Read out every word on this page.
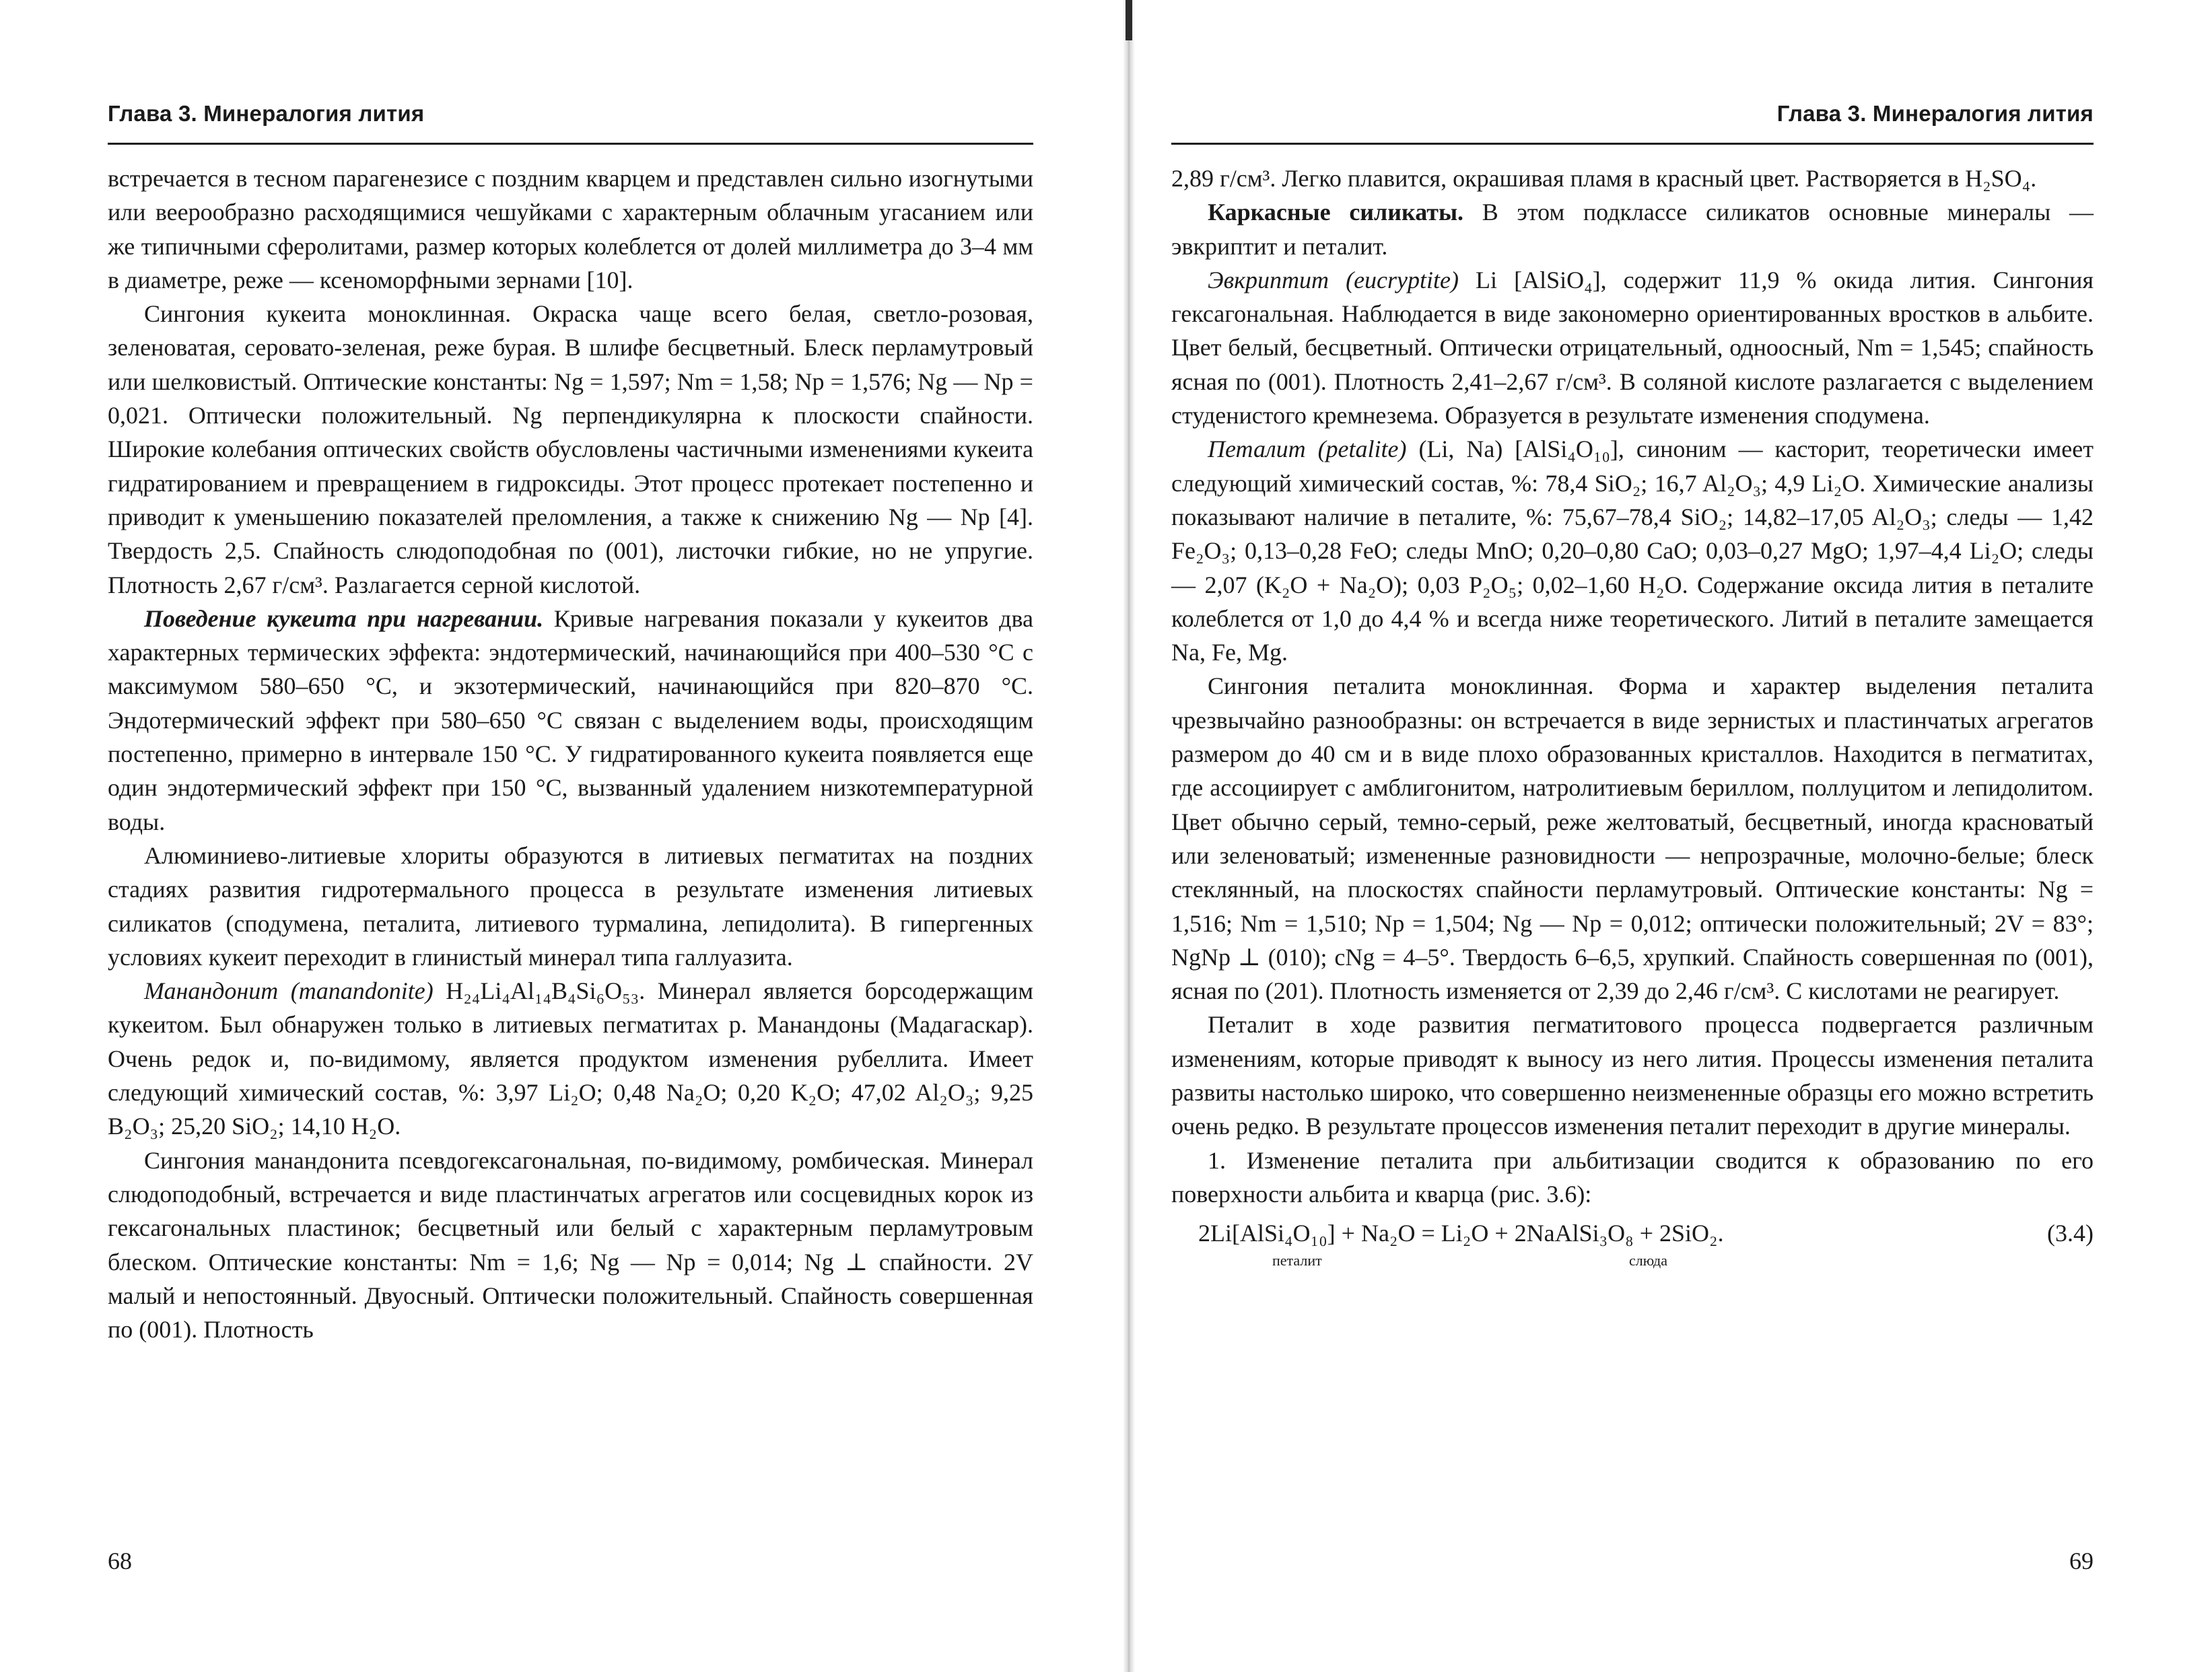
Глава 3. Минералогия лития

встречается в тесном парагенезисе с поздним кварцем и представлен сильно изогнутыми или веерообразно расходящимися чешуйками с характерным облачным угасанием или же типичными сферолитами, размер которых колеблется от долей миллиметра до 3–4 мм в диаметре, реже — ксеноморфными зернами [10].

Сингония кукеита моноклинная. Окраска чаще всего белая, светло-розовая, зеленоватая, серовато-зеленая, реже бурая. В шлифе бесцветный. Блеск перламутровый или шелковистый. Оптические константы: Ng = 1,597; Nm = 1,58; Np = 1,576; Ng — Np = 0,021. Оптически положительный. Ng перпендикулярна к плоскости спайности. Широкие колебания оптических свойств обусловлены частичными изменениями кукеита гидратированием и превращением в гидроксиды. Этот процесс протекает постепенно и приводит к уменьшению показателей преломления, а также к снижению Ng — Np [4]. Твердость 2,5. Спайность слюдоподобная по (001), листочки гибкие, но не упругие. Плотность 2,67 г/см³. Разлагается серной кислотой.

Поведение кукеита при нагревании. Кривые нагревания показали у кукеитов два характерных термических эффекта: эндотермический, начинающийся при 400–530 °С с максимумом 580–650 °С, и экзотермический, начинающийся при 820–870 °С. Эндотермический эффект при 580–650 °С связан с выделением воды, происходящим постепенно, примерно в интервале 150 °С. У гидратированного кукеита появляется еще один эндотермический эффект при 150 °С, вызванный удалением низкотемпературной воды.

Алюминиево-литиевые хлориты образуются в литиевых пегматитах на поздних стадиях развития гидротермального процесса в результате изменения литиевых силикатов (сподумена, петалита, литиевого турмалина, лепидолита). В гипергенных условиях кукеит переходит в глинистый минерал типа галлуазита.

Манандонит (manandonite) H₂₄Li₄Al₁₄B₄Si₆O₅₃. Минерал является борсодержащим кукеитом. Был обнаружен только в литиевых пегматитах р. Манандоны (Мадагаскар). Очень редок и, по-видимому, является продуктом изменения рубеллита. Имеет следующий химический состав, %: 3,97 Li₂O; 0,48 Na₂O; 0,20 K₂O; 47,02 Al₂O₃; 9,25 B₂O₃; 25,20 SiO₂; 14,10 H₂O.

Сингония манандонита псевдогексагональная, по-видимому, ромбическая. Минерал слюдоподобный, встречается и виде пластинчатых агрегатов или сосцевидных корок из гексагональных пластинок; бесцветный или белый с характерным перламутровым блеском. Оптические константы: Nm = 1,6; Ng — Np = 0,014; Ng ⊥ спайности. 2V малый и непостоянный. Двуосный. Оптически положительный. Спайность совершенная по (001). Плотность

68
Глава 3. Минералогия лития

2,89 г/см³. Легко плавится, окрашивая пламя в красный цвет. Растворяется в H₂SO₄.

Каркасные силикаты. В этом подклассе силикатов основные минералы — эвкриптит и петалит.

Эвкриптит (eucryptite) Li [AlSiO₄], содержит 11,9 % окида лития. Сингония гексагональная. Наблюдается в виде закономерно ориентированных вростков в альбите. Цвет белый, бесцветный. Оптически отрицательный, одноосный, Nm = 1,545; спайность ясная по (001). Плотность 2,41–2,67 г/см³. В соляной кислоте разлагается с выделением студенистого кремнезема. Образуется в результате изменения сподумена.

Петалит (petalite) (Li, Na) [AlSi₄O₁₀], синоним — касторит, теоретически имеет следующий химический состав, %: 78,4 SiO₂; 16,7 Al₂O₃; 4,9 Li₂O. Химические анализы показывают наличие в петалите, %: 75,67–78,4 SiO₂; 14,82–17,05 Al₂O₃; следы — 1,42 Fe₂O₃; 0,13–0,28 FeO; следы MnO; 0,20–0,80 CaO; 0,03–0,27 MgO; 1,97–4,4 Li₂O; следы — 2,07 (K₂O + Na₂O); 0,03 P₂O₅; 0,02–1,60 H₂O. Содержание оксида лития в петалите колеблется от 1,0 до 4,4 % и всегда ниже теоретического. Литий в петалите замещается Na, Fe, Mg.

Сингония петалита моноклинная. Форма и характер выделения петалита чрезвычайно разнообразны: он встречается в виде зернистых и пластинчатых агрегатов размером до 40 см и в виде плохо образованных кристаллов. Находится в пегматитах, где ассоциирует с амблигонитом, натролитиевым бериллом, поллуцитом и лепидолитом. Цвет обычно серый, темно-серый, реже желтоватый, бесцветный, иногда красноватый или зеленоватый; измененные разновидности — непрозрачные, молочно-белые; блеск стеклянный, на плоскостях спайности перламутровый. Оптические константы: Ng = 1,516; Nm = 1,510; Np = 1,504; Ng — Np = 0,012; оптически положительный; 2V = 83°; NgNp ⊥ (010); cNg = 4–5°. Твердость 6–6,5, хрупкий. Спайность совершенная по (001), ясная по (201). Плотность изменяется от 2,39 до 2,46 г/см³. С кислотами не реагирует.

Петалит в ходе развития пегматитового процесса подвергается различным изменениям, которые приводят к выносу из него лития. Процессы изменения петалита развиты настолько широко, что совершенно неизмененные образцы его можно встретить очень редко. В результате процессов изменения петалит переходит в другие минералы.

1. Изменение петалита при альбитизации сводится к образованию по его поверхности альбита и кварца (рис. 3.6):

2Li[AlSi₄O₁₀] + Na₂O = Li₂O + 2NaAlSi₃O₈ + 2SiO₂.
петалит	слюда
(3.4)
69
